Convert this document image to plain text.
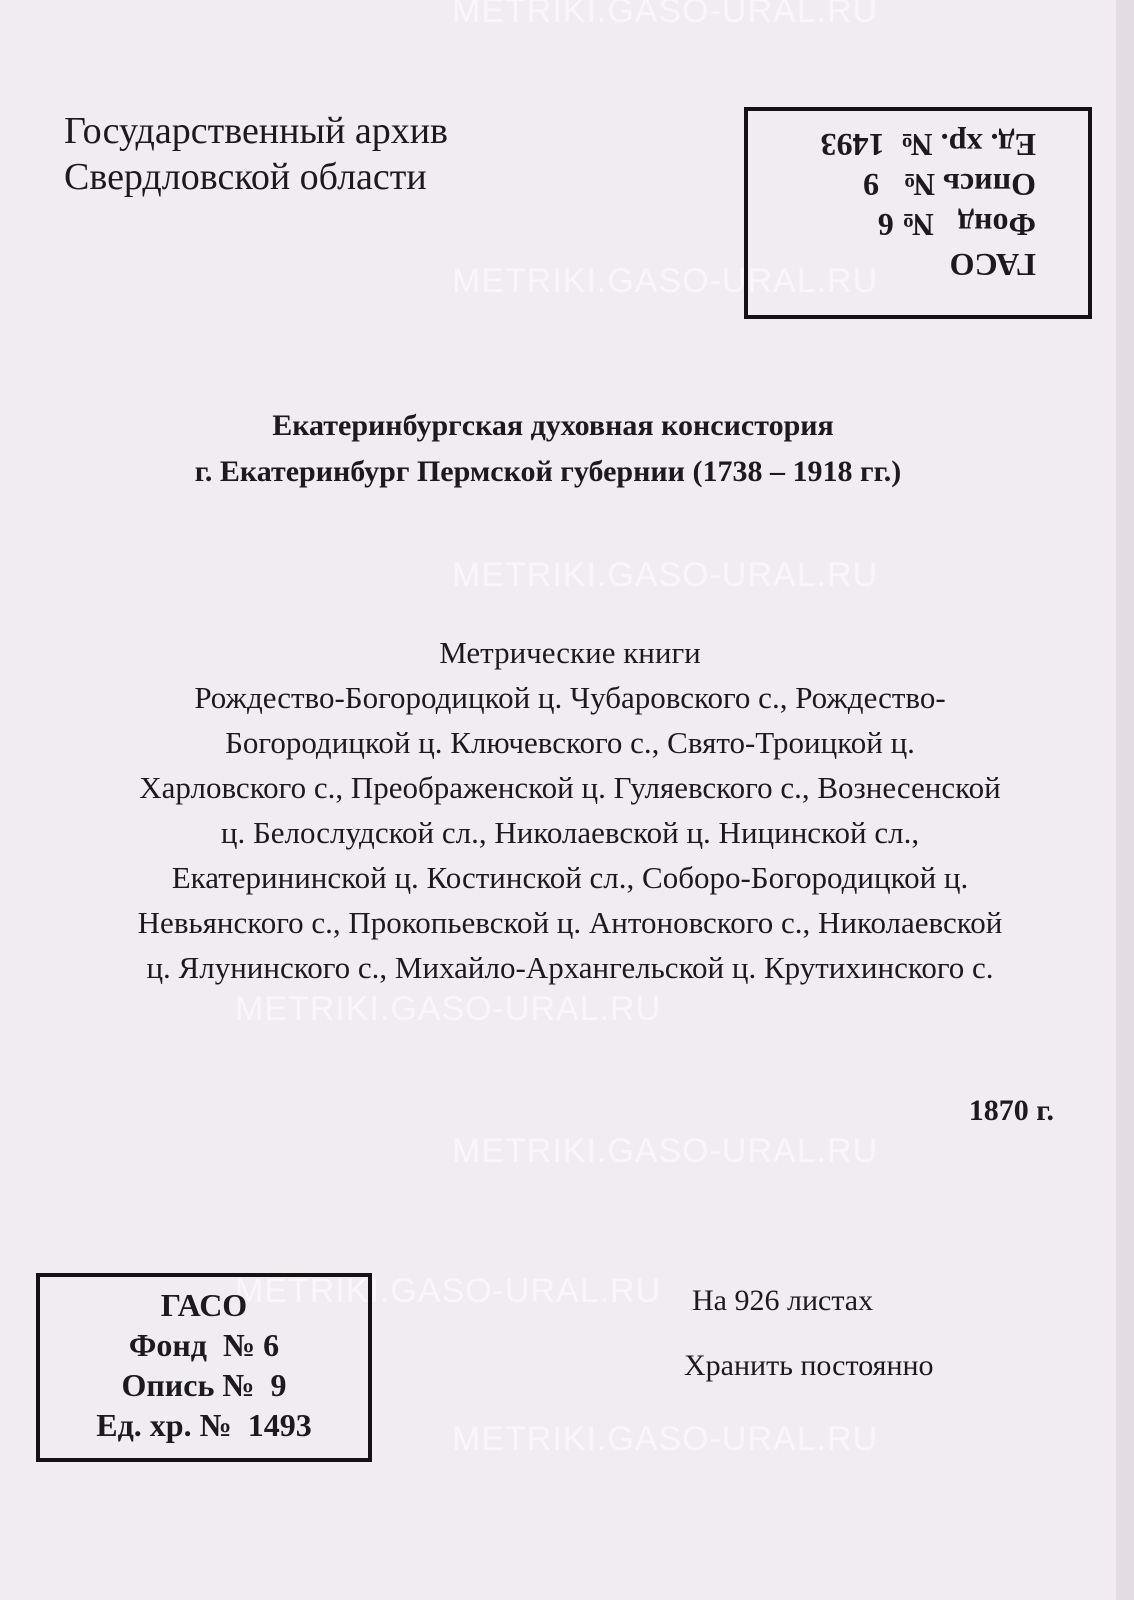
METRIKI.GASO-URAL.RU
METRIKI.GASO-URAL.RU
METRIKI.GASO-URAL.RU
METRIKI.GASO-URAL.RU
METRIKI.GASO-URAL.RU
METRIKI.GASO-URAL.RU
METRIKI.GASO-URAL.RU
Государственный архив
Свердловской области
ГАСО
Фонд   № 6
Опись №   9
Ед. хр. №  1493
Екатеринбургская духовная консистория
г. Екатеринбург Пермской губернии (1738 – 1918 гг.)
Метрические книги
Рождество-Богородицкой ц. Чубаровского с., Рождество-
Богородицкой ц. Ключевского с., Свято-Троицкой ц.
Харловского с., Преображенской ц. Гуляевского с., Вознесенской
ц. Белослудской сл., Николаевской ц. Ницинской сл.,
Екатерининской ц. Костинской сл., Соборо-Богородицкой ц.
Невьянского с., Прокопьевской ц. Антоновского с., Николаевской
ц. Ялунинского с., Михайло-Архангельской ц. Крутихинского с.
1870 г.
ГАСО
Фонд  № 6
Опись №  9
Ед. хр. №  1493
На 926 листах
Хранить постоянно
